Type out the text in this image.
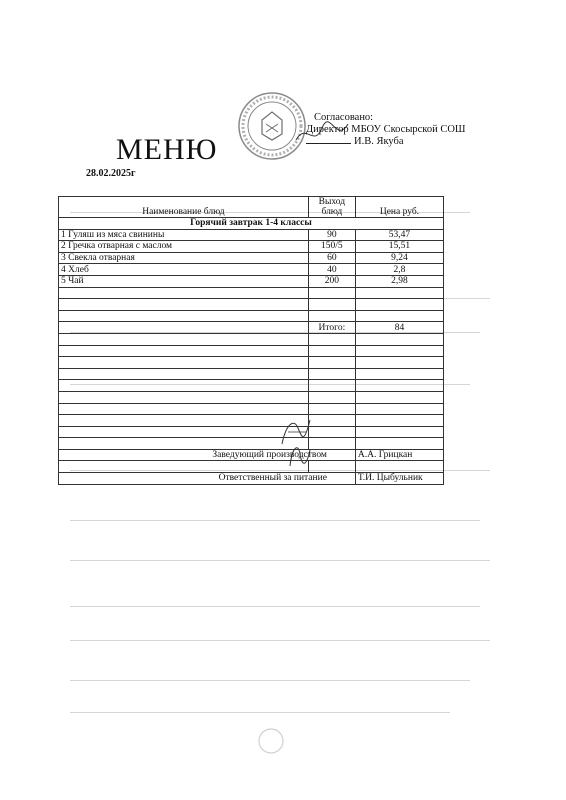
Согласовано:
Директор МБОУ Скосырской СОШ
И.В. Якуба
МЕНЮ
28.02.2025г
Наименование блюд	Выход блюд	Цена руб.
Горячий завтрак 1-4 классы		
1 Гуляш из мяса свинины	90	53,47
2 Гречка отварная с маслом	150/5	15,51
3 Свекла отварная	60	9,24
4 Хлеб	40	2,8
5 Чай	200	2,98

	Итого:	84

Заведующий производством		А.А. Грицкан

Ответственный за питание		Т.И. Цыбульник
